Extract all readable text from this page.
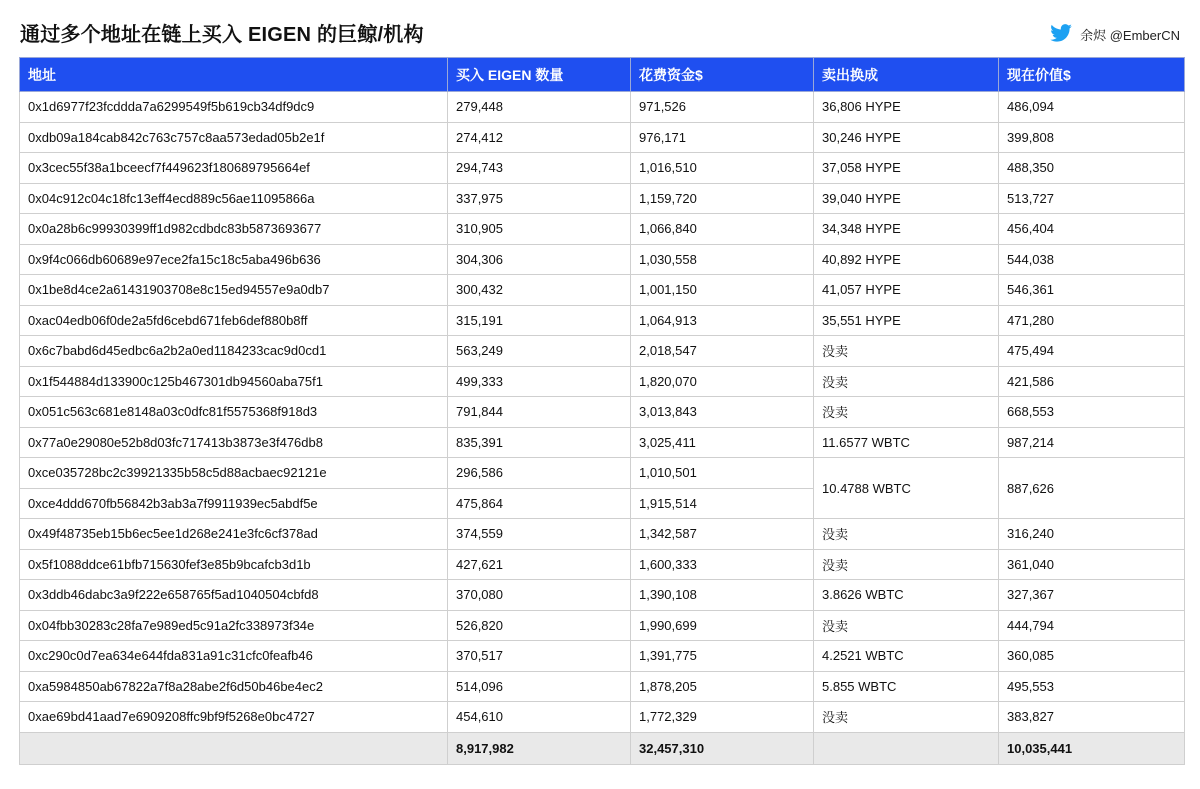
通过多个地址在链上买入 EIGEN 的巨鲸/机构	余烬 @EmberCN
地址	买入 EIGEN 数量	花费资金$	卖出换成	现在价值$
0x1d6977f23fcddda7a6299549f5b619cb34df9dc9	279,448	971,526	36,806 HYPE	486,094
0xdb09a184cab842c763c757c8aa573edad05b2e1f	274,412	976,171	30,246 HYPE	399,808
0x3cec55f38a1bceecf7f449623f180689795664ef	294,743	1,016,510	37,058 HYPE	488,350
0x04c912c04c18fc13eff4ecd889c56ae11095866a	337,975	1,159,720	39,040 HYPE	513,727
0x0a28b6c99930399ff1d982cdbdc83b5873693677	310,905	1,066,840	34,348 HYPE	456,404
0x9f4c066db60689e97ece2fa15c18c5aba496b636	304,306	1,030,558	40,892 HYPE	544,038
0x1be8d4ce2a61431903708e8c15ed94557e9a0db7	300,432	1,001,150	41,057 HYPE	546,361
0xac04edb06f0de2a5fd6cebd671feb6def880b8ff	315,191	1,064,913	35,551 HYPE	471,280
0x6c7babd6d45edbc6a2b2a0ed1184233cac9d0cd1	563,249	2,018,547	没卖	475,494
0x1f544884d133900c125b467301db94560aba75f1	499,333	1,820,070	没卖	421,586
0x051c563c681e8148a03c0dfc81f5575368f918d3	791,844	3,013,843	没卖	668,553
0x77a0e29080e52b8d03fc717413b3873e3f476db8	835,391	3,025,411	11.6577 WBTC	987,214
0xce035728bc2c39921335b58c5d88acbaec92121e	296,586	1,010,501	10.4788 WBTC	887,626
0xce4ddd670fb56842b3ab3a7f9911939ec5abdf5e	475,864	1,915,514		
0x49f48735eb15b6ec5ee1d268e241e3fc6cf378ad	374,559	1,342,587	没卖	316,240
0x5f1088ddce61bfb715630fef3e85b9bcafcb3d1b	427,621	1,600,333	没卖	361,040
0x3ddb46dabc3a9f222e658765f5ad1040504cbfd8	370,080	1,390,108	3.8626 WBTC	327,367
0x04fbb30283c28fa7e989ed5c91a2fc338973f34e	526,820	1,990,699	没卖	444,794
0xc290c0d7ea634e644fda831a91c31cfc0feafb46	370,517	1,391,775	4.2521 WBTC	360,085
0xa5984850ab67822a7f8a28abe2f6d50b46be4ec2	514,096	1,878,205	5.855 WBTC	495,553
0xae69bd41aad7e6909208ffc9bf9f5268e0bc4727	454,610	1,772,329	没卖	383,827
	8,917,982	32,457,310		10,035,441
